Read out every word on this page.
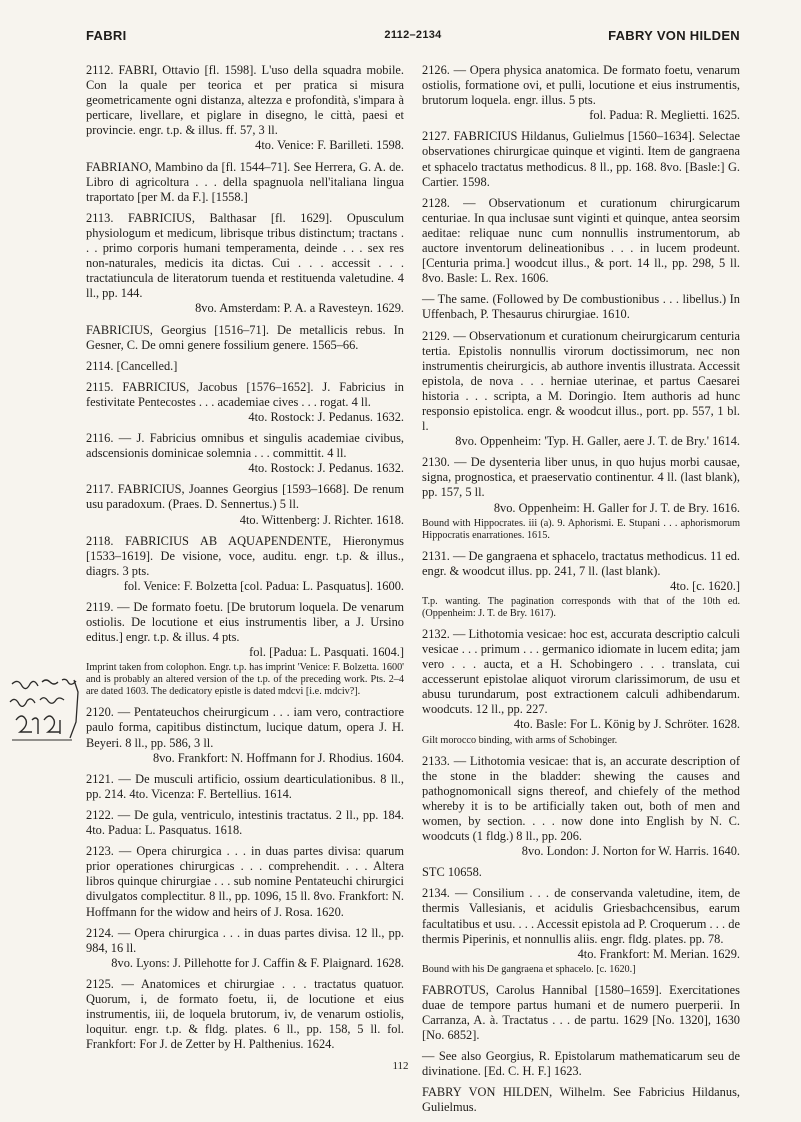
FABRI	2112–2134	FABRY VON HILDEN
2112. FABRI, Ottavio [fl. 1598]. L'uso della squadra mobile. Con la quale per teorica et per pratica si misura geometricamente ogni distanza, altezza e profondità, s'impara à perticare, livellare, et piglare in disegno, le città, paesi et provincie. engr. t.p. & illus. ff. 57, 3 ll.
4to. Venice: F. Barilleti. 1598.
FABRIANO, Mambino da [fl. 1544–71]. See Herrera, G. A. de. Libro di agricoltura . . . della spagnuola nell'italiana lingua traportato [per M. da F.]. [1558.]
2113. FABRICIUS, Balthasar [fl. 1629]. Opusculum physiologum et medicum, librisque tribus distinctum; tractans . . . primo corporis humani temperamenta, deinde . . . sex res non-naturales, medicis ita dictas. Cui . . . accessit . . . tractatiuncula de literatorum tuenda et restituenda valetudine. 4 ll., pp. 144.
8vo. Amsterdam: P. A. a Ravesteyn. 1629.
FABRICIUS, Georgius [1516–71]. De metallicis rebus. In Gesner, C. De omni genere fossilium genere. 1565–66.
2114. [Cancelled.]
2115. FABRICIUS, Jacobus [1576–1652]. J. Fabricius in festivitate Pentecostes . . . academiae cives . . . rogat. 4 ll.
4to. Rostock: J. Pedanus. 1632.
2116. — J. Fabricius omnibus et singulis academiae civibus, adscensionis dominicae solemnia . . . committit. 4 ll.
4to. Rostock: J. Pedanus. 1632.
2117. FABRICIUS, Joannes Georgius [1593–1668]. De renum usu paradoxum. (Praes. D. Sennertus.) 5 ll.
4to. Wittenberg: J. Richter. 1618.
2118. FABRICIUS AB AQUAPENDENTE, Hieronymus [1533–1619]. De visione, voce, auditu. engr. t.p. & illus., diagrs. 3 pts.
fol. Venice: F. Bolzetta [col. Padua: L. Pasquatus]. 1600.
2119. — De formato foetu. [De brutorum loquela. De venarum ostiolis. De locutione et eius instrumentis liber, a J. Ursino editus.] engr. t.p. & illus. 4 pts.
fol. [Padua: L. Pasquati. 1604.]

Imprint taken from colophon. Engr. t.p. has imprint 'Venice: F. Bolzetta. 1600' and is probably an altered version of the t.p. of the preceding work. Pts. 2–4 are dated 1603. The dedicatory epistle is dated mdcvi [i.e. mdciv?].

2120. — Pentateuchos cheirurgicum . . . iam vero, contractiore paulo forma, capitibus distinctum, lucique datum, opera J. H. Beyeri. 8 ll., pp. 586, 3 ll.
8vo. Frankfort: N. Hoffmann for J. Rhodius. 1604.
2121. — De musculi artificio, ossium dearticulationibus. 8 ll., pp. 214. 4to. Vicenza: F. Bertellius. 1614.
2122. — De gula, ventriculo, intestinis tractatus. 2 ll., pp. 184. 4to. Padua: L. Pasquatus. 1618.
2123. — Opera chirurgica . . . in duas partes divisa: quarum prior operationes chirurgicas . . . comprehendit. . . . Altera libros quinque chirurgiae . . . sub nomine Pentateuchi chirurgici divulgatos complectitur. 8 ll., pp. 1096, 15 ll. 8vo. Frankfort: N. Hoffmann for the widow and heirs of J. Rosa. 1620.
2124. — Opera chirurgica . . . in duas partes divisa. 12 ll., pp. 984, 16 ll.
8vo. Lyons: J. Pillehotte for J. Caffin & F. Plaignard. 1628.
2125. — Anatomices et chirurgiae . . . tractatus quatuor. Quorum, i, de formato foetu, ii, de locutione et eius instrumentis, iii, de loquela brutorum, iv, de venarum ostiolis, loquitur. engr. t.p. & fldg. plates. 6 ll., pp. 158, 5 ll. fol. Frankfort: For J. de Zetter by H. Palthenius. 1624.
2126. — Opera physica anatomica. De formato foetu, venarum ostiolis, formatione ovi, et pulli, locutione et eius instrumentis, brutorum loquela. engr. illus. 5 pts.
fol. Padua: R. Meglietti. 1625.
2127. FABRICIUS Hildanus, Gulielmus [1560–1634]. Selectae observationes chirurgicae quinque et viginti. Item de gangraena et sphacelo tractatus methodicus. 8 ll., pp. 168. 8vo. [Basle:] G. Cartier. 1598.
2128. — Observationum et curationum chirurgicarum centuriae. In qua inclusae sunt viginti et quinque, antea seorsim aeditae: reliquae nunc cum nonnullis instrumentorum, ab auctore inventorum delineationibus . . . in lucem prodeunt. [Centuria prima.] woodcut illus., & port. 14 ll., pp. 298, 5 ll. 8vo. Basle: L. Rex. 1606.
— The same. (Followed by De combustionibus . . . libellus.) In Uffenbach, P. Thesaurus chirurgiae. 1610.
2129. — Observationum et curationum cheirurgicarum centuria tertia. Epistolis nonnullis virorum doctissimorum, nec non instrumentis cheirurgicis, ab authore inventis illustrata. Accessit epistola, de nova . . . herniae uterinae, et partus Caesarei historia . . . scripta, a M. Doringio. Item authoris ad hunc responsio epistolica. engr. & woodcut illus., port. pp. 557, 1 bl. l.
8vo. Oppenheim: 'Typ. H. Galler, aere J. T. de Bry.' 1614.
2130. — De dysenteria liber unus, in quo hujus morbi causae, signa, prognostica, et praeservatio continentur. 4 ll. (last blank), pp. 157, 5 ll.
8vo. Oppenheim: H. Galler for J. T. de Bry. 1616.

Bound with Hippocrates. iii (a). 9. Aphorismi. E. Stupani . . . aphorismorum Hippocratis enarrationes. 1615.

2131. — De gangraena et sphacelo, tractatus methodicus. 11 ed. engr. & woodcut illus. pp. 241, 7 ll. (last blank).
4to. [c. 1620.]

T.p. wanting. The pagination corresponds with that of the 10th ed. (Oppenheim: J. T. de Bry. 1617).

2132. — Lithotomia vesicae: hoc est, accurata descriptio calculi vesicae . . . primum . . . germanico idiomate in lucem edita; jam vero . . . aucta, et a H. Schobingero . . . translata, cui accesserunt epistolae aliquot virorum clarissimorum, de usu et abusu turundarum, post extractionem calculi adhibendarum. woodcuts. 12 ll., pp. 227.
4to. Basle: For L. König by J. Schröter. 1628.

Gilt morocco binding, with arms of Schobinger.

2133. — Lithotomia vesicae: that is, an accurate description of the stone in the bladder: shewing the causes and pathognomonicall signs thereof, and chiefely of the method whereby it is to be artificially taken out, both of men and women, by section. . . . now done into English by N. C. woodcuts (1 fldg.) 8 ll., pp. 206.
8vo. London: J. Norton for W. Harris. 1640.
STC 10658.
2134. — Consilium . . . de conservanda valetudine, item, de thermis Vallesianis, et acidulis Griesbachcensibus, earum facultatibus et usu. . . . Accessit epistola ad P. Croquerum . . . de thermis Piperinis, et nonnullis aliis. engr. fldg. plates. pp. 78.
4to. Frankfort: M. Merian. 1629.

Bound with his De gangraena et sphacelo. [c. 1620.]

FABROTUS, Carolus Hannibal [1580–1659]. Exercitationes duae de tempore partus humani et de numero puerperii. In Carranza, A. à. Tractatus . . . de partu. 1629 [No. 1320], 1630 [No. 6852].
— See also Georgius, R. Epistolarum mathematicarum seu de divinatione. [Ed. C. H. F.] 1623.
FABRY VON HILDEN, Wilhelm. See Fabricius Hildanus, Gulielmus.
112
